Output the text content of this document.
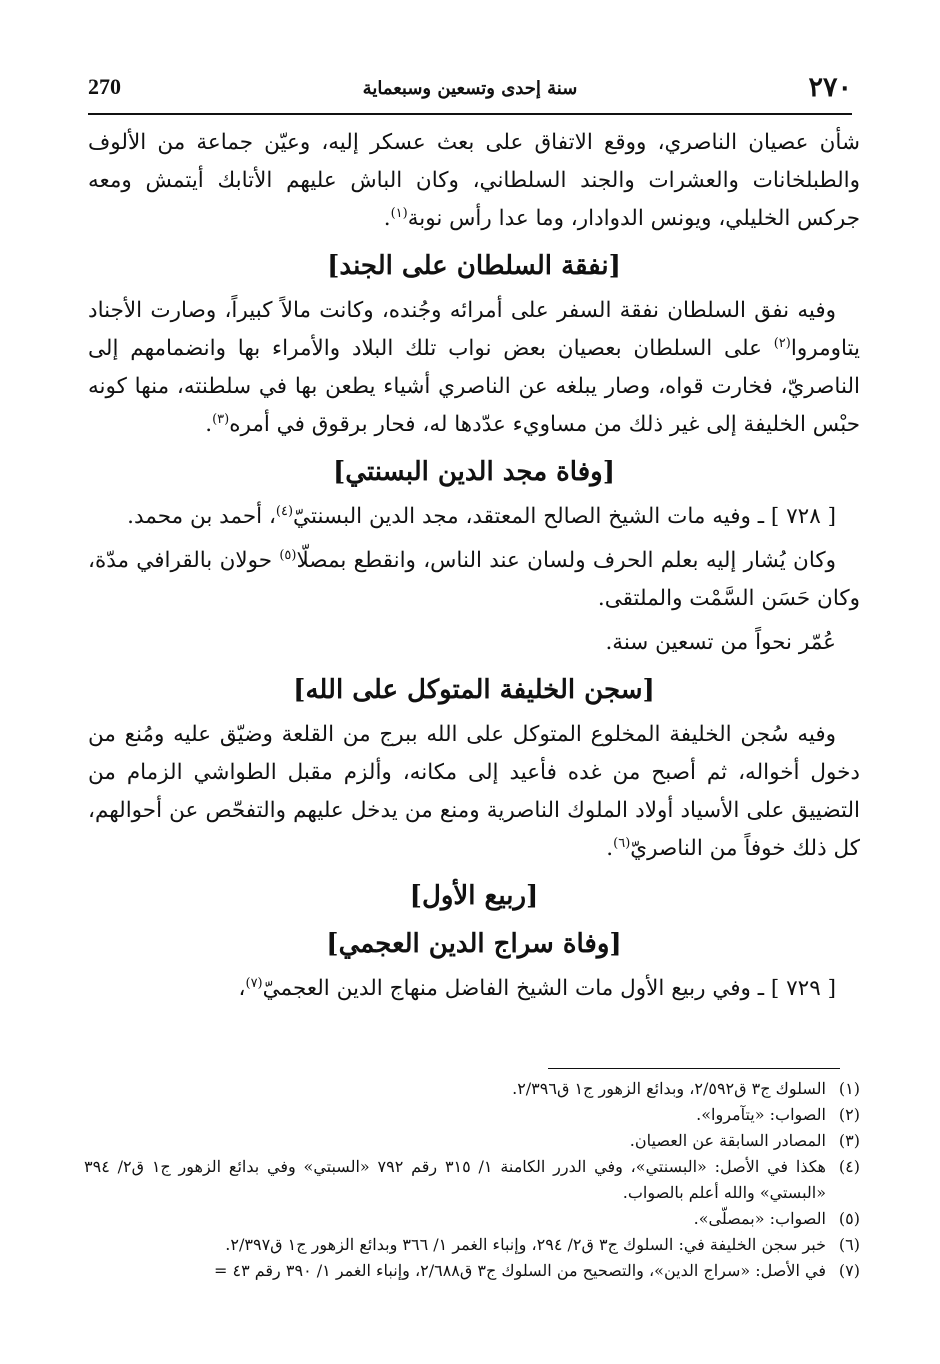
٢٧٠
سنة إحدى وتسعين وسبعماية
270

شأن عصيان الناصري، ووقع الاتفاق على بعث عسكر إليه، وعيّن جماعة من الألوف والطبلخانات والعشرات والجند السلطاني، وكان الباش عليهم الأتابك أيتمش ومعه جركس الخليلي، ويونس الدوادار، وما عدا رأس نوبة$^{(١)}$.

[نفقة السلطان على الجند]

وفيه نفق السلطان نفقة السفر على أمرائه وجُنده، وكانت مالاً كبيراً، وصارت الأجناد يتاومروا$^{(٢)}$ على السلطان بعصيان بعض نواب تلك البلاد والأمراء بها وانضمامهم إلى الناصريّ، فخارت قواه، وصار يبلغه عن الناصري أشياء يطعن بها في سلطنته، منها كونه حبْس الخليفة إلى غير ذلك من مساويء عدّدها له، فحار برقوق في أمره$^{(٣)}$.

[وفاة مجد الدين البسنتي]

[ ٧٢٨ ] ـ وفيه مات الشيخ الصالح المعتقد، مجد الدين البسنتيّ$^{(٤)}$، أحمد بن محمد.

وكان يُشار إليه بعلم الحرف ولسان عند الناس، وانقطع بمصلّا$^{(٥)}$ حولان بالقرافي مدّة، وكان حَسَن السَّمْت والملتقى.

عُمّر نحواً من تسعين سنة.

[سجن الخليفة المتوكل على الله]

وفيه سُجن الخليفة المخلوع المتوكل على الله ببرج من القلعة وضيّق عليه ومُنع من دخول أخواله، ثم أصبح من غده فأعيد إلى مكانه، وألزم مقبل الطواشي الزمام من التضييق على الأسياد أولاد الملوك الناصرية ومنع من يدخل عليهم والتفحّص عن أحوالهم، كل ذلك خوفاً من الناصريّ$^{(٦)}$.

[ربيع الأول]
[وفاة سراج الدين العجمي]

[ ٧٢٩ ] ـ وفي ربيع الأول مات الشيخ الفاضل منهاج الدين العجميّ$^{(٧)}$،

(١)
السلوك ج٣ ق٢/٥٩٢، وبدائع الزهور ج١ ق٢/٣٩٦.
(٢)
الصواب: «يتآمروا».
(٣)
المصادر السابقة عن العصيان.
(٤)
هكذا في الأصل: «البسنتي»، وفي الدرر الكامنة ١/ ٣١٥ رقم ٧٩٢ «السبتي» وفي بدائع الزهور ج١ ق٢/ ٣٩٤ «البستي» والله أعلم بالصواب.
(٥)
الصواب: «بمصلّى».
(٦)
خبر سجن الخليفة في: السلوك ج٣ ق٢/ ٢٩٤، وإنباء الغمر ١/ ٣٦٦ وبدائع الزهور ج١ ق٢/٣٩٧.
(٧)
في الأصل: «سراج الدين»، والتصحيح من السلوك ج٣ ق٢/٦٨٨، وإنباء الغمر ١/ ٣٩٠ رقم ٤٣ =
